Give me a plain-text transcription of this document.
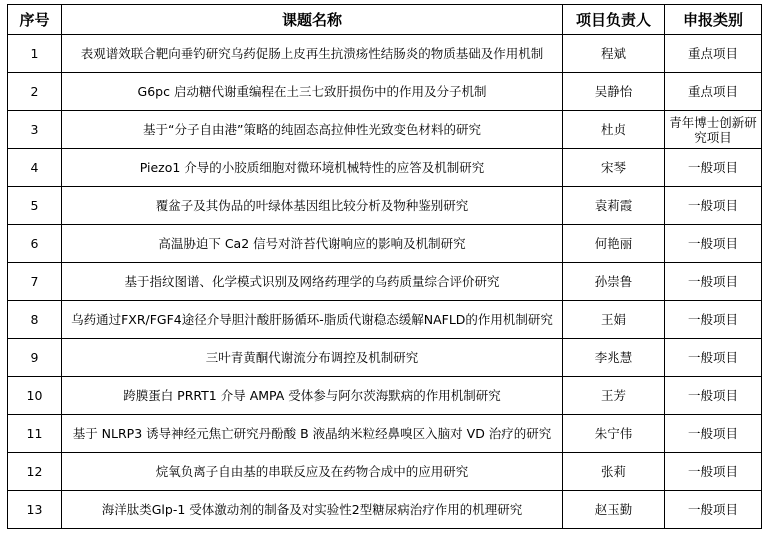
序号	课题名称	项目负责人	申报类别
1	表观谱效联合靶向垂钓研究乌药促肠上皮再生抗溃疡性结肠炎的物质基础及作用机制	程斌	重点项目
2	G6pc 启动糖代谢重编程在土三七致肝损伤中的作用及分子机制	吴静怡	重点项目
3	基于“分子自由港”策略的纯固态高拉伸性光致变色材料的研究	杜贞	青年博士创新研究项目
4	Piezo1 介导的小胶质细胞对微环境机械特性的应答及机制研究	宋琴	一般项目
5	覆盆子及其伪品的叶绿体基因组比较分析及物种鉴别研究	袁莉霞	一般项目
6	高温胁迫下 Ca2 信号对浒苔代谢响应的影响及机制研究	何艳丽	一般项目
7	基于指纹图谱、化学模式识别及网络药理学的乌药质量综合评价研究	孙崇鲁	一般项目
8	乌药通过FXR/FGF4途径介导胆汁酸肝肠循环-脂质代谢稳态缓解NAFLD的作用机制研究	王娟	一般项目
9	三叶青黄酮代谢流分布调控及机制研究	李兆慧	一般项目
10	跨膜蛋白 PRRT1 介导 AMPA 受体参与阿尔茨海默病的作用机制研究	王芳	一般项目
11	基于 NLRP3 诱导神经元焦亡研究丹酚酸 B 液晶纳米粒经鼻嗅区入脑对 VD 治疗的研究	朱宁伟	一般项目
12	烷氧负离子自由基的串联反应及在药物合成中的应用研究	张莉	一般项目
13	海洋肽类Glp-1 受体激动剂的制备及对实验性2型糖尿病治疗作用的机理研究	赵玉勤	一般项目
